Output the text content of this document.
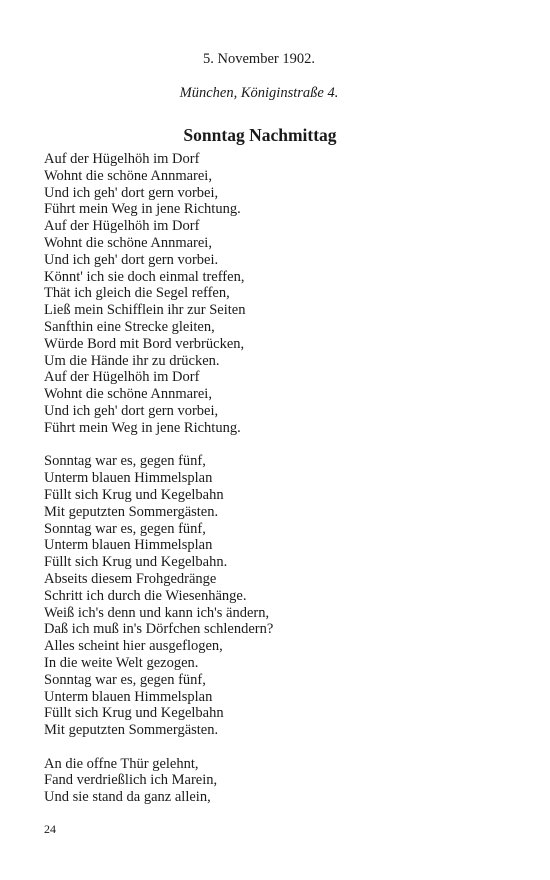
5. November 1902.
München, Königinstraße 4.
Sonntag Nachmittag
Auf der Hügelhöh im Dorf
Wohnt die schöne Annmarei,
Und ich geh' dort gern vorbei,
Führt mein Weg in jene Richtung.
Auf der Hügelhöh im Dorf
Wohnt die schöne Annmarei,
Und ich geh' dort gern vorbei.
Könnt' ich sie doch einmal treffen,
Thät ich gleich die Segel reffen,
Ließ mein Schifflein ihr zur Seiten
Sanfthin eine Strecke gleiten,
Würde Bord mit Bord verbrücken,
Um die Hände ihr zu drücken.
Auf der Hügelhöh im Dorf
Wohnt die schöne Annmarei,
Und ich geh' dort gern vorbei,
Führt mein Weg in jene Richtung.
Sonntag war es, gegen fünf,
Unterm blauen Himmelsplan
Füllt sich Krug und Kegelbahn
Mit geputzten Sommergästen.
Sonntag war es, gegen fünf,
Unterm blauen Himmelsplan
Füllt sich Krug und Kegelbahn.
Abseits diesem Frohgedränge
Schritt ich durch die Wiesenhänge.
Weiß ich's denn und kann ich's ändern,
Daß ich muß in's Dörfchen schlendern?
Alles scheint hier ausgeflogen,
In die weite Welt gezogen.
Sonntag war es, gegen fünf,
Unterm blauen Himmelsplan
Füllt sich Krug und Kegelbahn
Mit geputzten Sommergästen.
An die offne Thür gelehnt,
Fand verdrießlich ich Marein,
Und sie stand da ganz allein,
24
